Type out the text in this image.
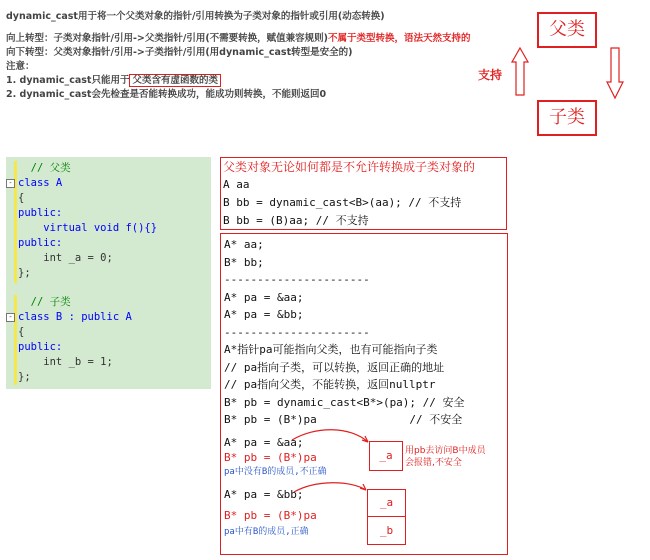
dynamic_cast用于将一个父类对象的指针/引用转换为子类对象的指针或引用(动态转换)
向上转型：子类对象指针/引用->父类指针/引用(不需要转换，赋值兼容规则)不属于类型转换，语法天然支持的
向下转型：父类对象指针/引用->子类指针/引用(用dynamic_cast转型是安全的)
注意：
1. dynamic_cast只能用于 父类含有虚函数的类
2. dynamic_cast会先检查是否能转换成功，能成功则转换，不能则返回0
父类
子类
支持
// 父类
- class A
{
public:
virtual void f(){}
public:
int _a = 0;
};
// 子类
- class B : public A
{
public:
int _b = 1;
};
父类对象无论如何都是不允许转换成子类对象的
A aa
B bb = dynamic_cast<B>(aa); // 不支持
B bb = (B)aa; // 不支持
A* aa;
B* bb;
----------------------
A* pa = &aa;
A* pa = &bb;
----------------------
A*指针pa可能指向父类，也有可能指向子类
// pa指向子类，可以转换，返回正确的地址
// pa指向父类，不能转换，返回nullptr
B* pb = dynamic_cast<B*>(pa); // 安全
B* pb = (B*)pa              // 不安全
A* pa = &aa;
B* pb = (B*)pa
pa中没有B的成员,不正确
A* pa = &bb;
B* pb = (B*)pa
pa中有B的成员,正确
_a	用pb去访问B中成员
会报错,不安全
_a
_b
